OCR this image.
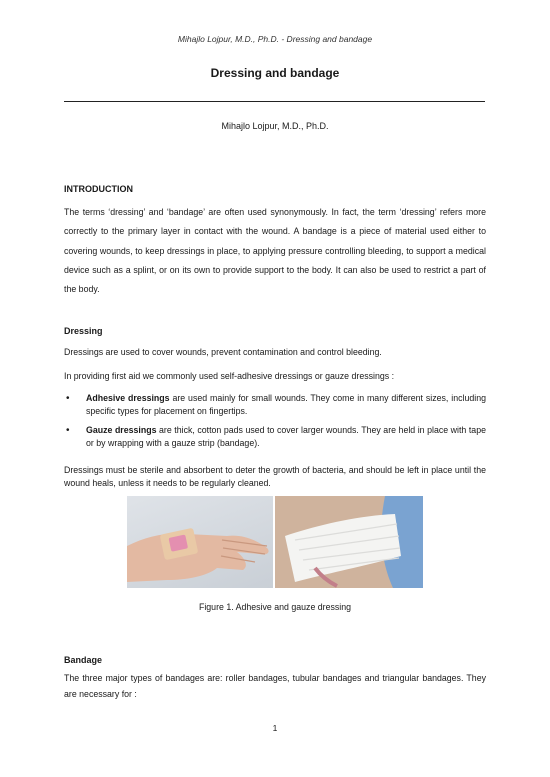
Mihajlo Lojpur, M.D., Ph.D. - Dressing and bandage
Dressing and bandage
Mihajlo Lojpur, M.D., Ph.D.
INTRODUCTION

The terms ‘dressing’ and ‘bandage’ are often used synonymously. In fact, the term ‘dressing’ refers more correctly to the primary layer in contact with the wound. A bandage is a piece of material used either to covering wounds, to keep dressings in place, to applying pressure controlling bleeding, to support a medical device such as a splint, or on its own to provide support to the body. It can also be used to restrict a part of the body.

Dressing

Dressings are used to cover wounds, prevent contamination and control bleeding.

In providing first aid we commonly used self-adhesive dressings or gauze dressings :

• Adhesive dressings are used mainly for small wounds. They come in many different sizes, including specific types for placement on fingertips.
• Gauze dressings are thick, cotton pads used to cover larger wounds. They are held in place with tape or by wrapping with a gauze strip (bandage).

Dressings must be sterile and absorbent to deter the growth of bacteria, and should be left in place until the wound heals, unless it needs to be regularly cleaned.

Figure 1. Adhesive and gauze dressing
Bandage

The three major types of bandages are: roller bandages, tubular bandages and triangular bandages. They are necessary for :

1
